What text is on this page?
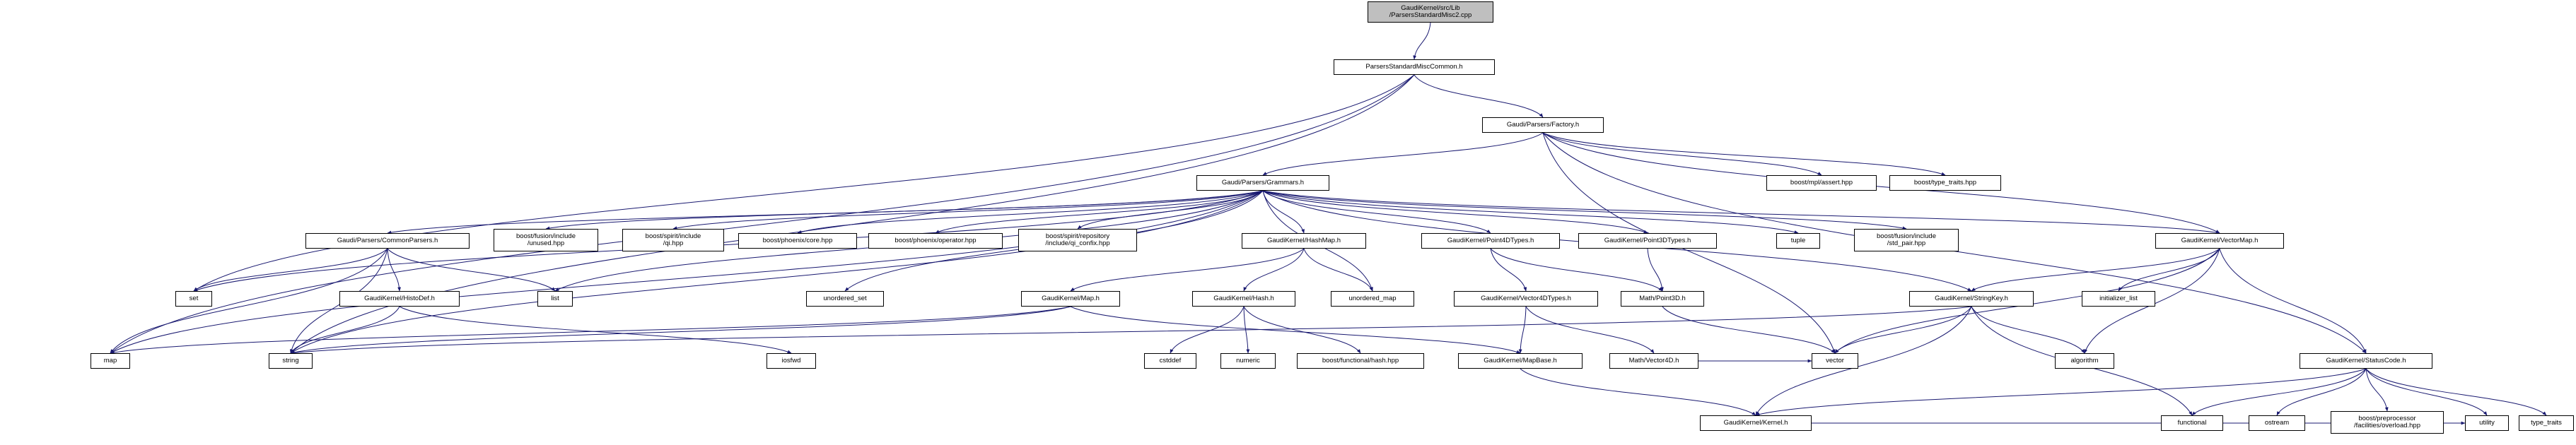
GaudiKernel/src/Lib
/ParsersStandardMisc2.cpp
ParsersStandardMiscCommon.h
Gaudi/Parsers/Factory.h
Gaudi/Parsers/Grammars.h	boost/mpl/assert.hpp	boost/type_traits.hpp
Gaudi/Parsers/CommonParsers.h
boost/fusion/include
/unused.hpp
boost/spirit/include
/qi.hpp	boost/phoenix/core.hpp	boost/phoenix/operator.hpp
boost/spirit/repository
/include/qi_confix.hpp	GaudiKernel/HashMap.h	GaudiKernel/Point4DTypes.h	GaudiKernel/Point3DTypes.h	tuple
boost/fusion/include
/std_pair.hpp	GaudiKernel/VectorMap.h
set	GaudiKernel/HistoDef.h	list	unordered_set	GaudiKernel/Map.h	GaudiKernel/Hash.h	unordered_map	GaudiKernel/Vector4DTypes.h	Math/Point3D.h	GaudiKernel/StringKey.h	initializer_list
map	string	iosfwd	cstddef	numeric	boost/functional/hash.hpp	GaudiKernel/MapBase.h	Math/Vector4D.h	vector	algorithm	GaudiKernel/StatusCode.h
GaudiKernel/Kernel.h	functional	ostream
boost/preprocessor
/facilities/overload.hpp	utility	type_traits
